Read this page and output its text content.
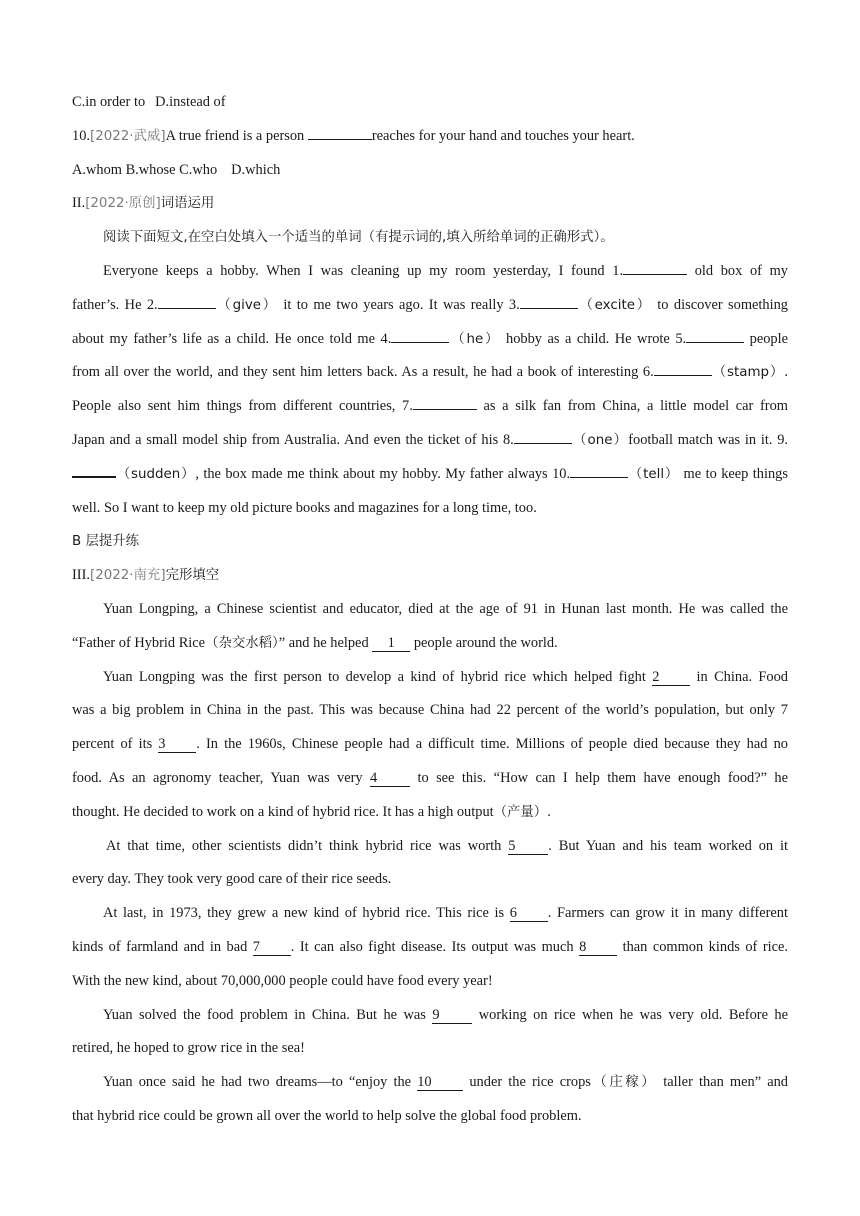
C.in order to D.instead of
10.[2022·武威]A true friend is a person	reaches for your hand and touches your heart.
A.whom B.whose C.who D.which
II.[2022·原创]词语运用
阅读下面短文,在空白处填入一个适当的单词（有提示词的,填入所给单词的正确形式）。
Everyone keeps a hobby. When I was cleaning up my room yesterday, I found 1.	old box of my
father’s. He 2.	（give） it to me two years ago. It was really 3.	（excite） to discover something
about my father’s life as a child. He once told me 4.	（he） hobby as a child. He wrote 5.	people
from all over the world, and they sent him letters back. As a result, he had a book of interesting 6.	（stamp）.
People also sent him things from different countries, 7.	as a silk fan from China, a little model car from
Japan and a small model ship from Australia. And even the ticket of his 8.	（one）football match was in it. 9.
（sudden）, the box made me think about my hobby. My father always 10.	（tell） me to keep things
well. So I want to keep my old picture books and magazines for a long time, too.
B 层提升练
III.[2022·南充]完形填空
Yuan Longping, a Chinese scientist and educator, died at the age of 91 in Hunan last month. He was called the
“Father of Hybrid Rice（杂交水稻）” and he helped 1 people around the world.
Yuan Longping was the first person to develop a kind of hybrid rice which helped fight 2 in China. Food
was a big problem in China in the past. This was because China had 22 percent of the world’s population, but only 7
percent of its 3 . In the 1960s, Chinese people had a difficult time. Millions of people died because they had no
food. As an agronomy teacher, Yuan was very 4 to see this. “How can I help them have enough food?” he
thought. He decided to work on a kind of hybrid rice. It has a high output（产量）.
At that time, other scientists didn’t think hybrid rice was worth 5 . But Yuan and his team worked on it
every day. They took very good care of their rice seeds.
At last, in 1973, they grew a new kind of hybrid rice. This rice is 6 . Farmers can grow it in many different
kinds of farmland and in bad 7 . It can also fight disease. Its output was much 8 than common kinds of rice.
With the new kind, about 70,000,000 people could have food every year!
Yuan solved the food problem in China. But he was 9 working on rice when he was very old. Before he
retired, he hoped to grow rice in the sea!
Yuan once said he had two dreams—to “enjoy the 10 under the rice crops（庄稼） taller than men” and
that hybrid rice could be grown all over the world to help solve the global food problem.
